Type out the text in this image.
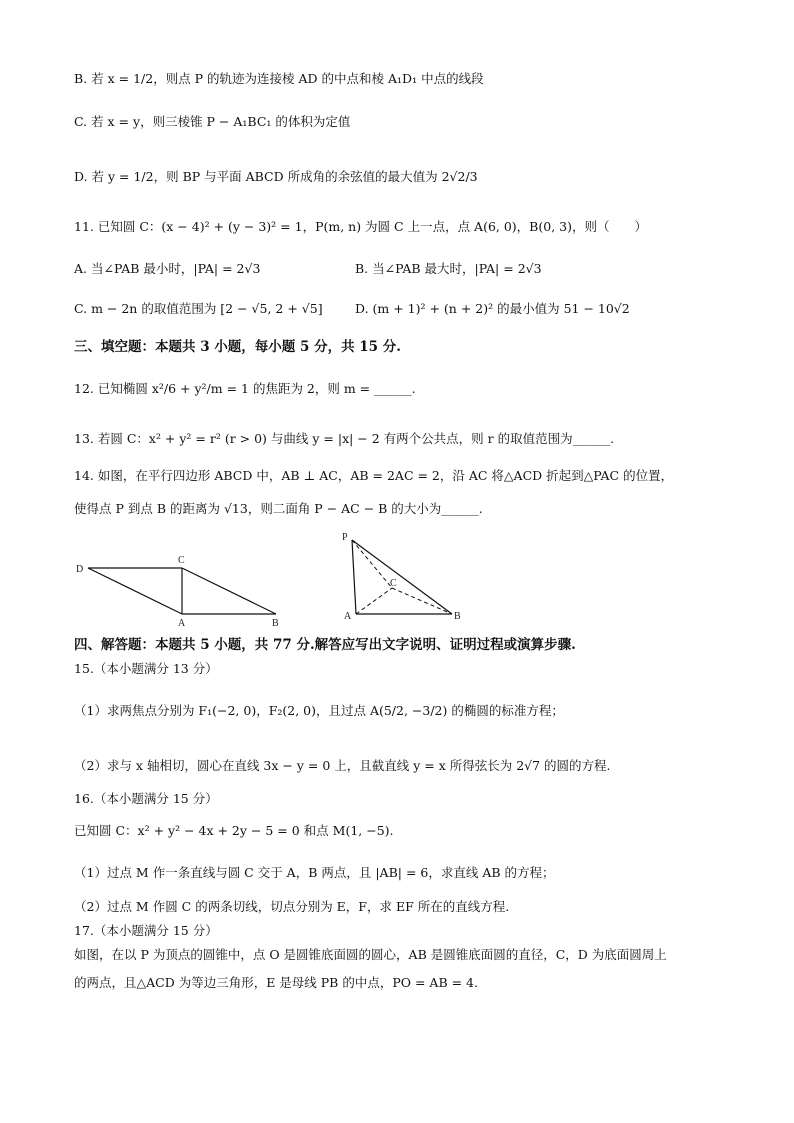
B. 若 x = 1/2，则点 P 的轨迹为连接棱 AD 的中点和棱 A₁D₁ 中点的线段
C. 若 x = y，则三棱锥 P − A₁BC₁ 的体积为定值
D. 若 y = 1/2，则 BP 与平面 ABCD 所成角的余弦值的最大值为 2√2/3
11. 已知圆 C：(x − 4)² + (y − 3)² = 1，P(m, n) 为圆 C 上一点，点 A(6, 0)，B(0, 3)，则（　　）
A. 当∠PAB 最小时，|PA| = 2√3	B. 当∠PAB 最大时，|PA| = 2√3
C. m − 2n 的取值范围为 [2 − √5, 2 + √5]	D. (m + 1)² + (n + 2)² 的最小值为 51 − 10√2
三、填空题：本题共 3 小题，每小题 5 分，共 15 分.
12. 已知椭圆 x²/6 + y²/m = 1 的焦距为 2，则 m = ______.
13. 若圆 C：x² + y² = r² (r > 0) 与曲线 y = |x| − 2 有两个公共点，则 r 的取值范围为______.
14. 如图，在平行四边形 ABCD 中，AB ⊥ AC，AB = 2AC = 2，沿 AC 将△ACD 折起到△PAC 的位置，
使得点 P 到点 B 的距离为 √13，则二面角 P − AC − B 的大小为______.
D
C
A	B
P
C
A	B
四、解答题：本题共 5 小题，共 77 分.解答应写出文字说明、证明过程或演算步骤.
15.（本小题满分 13 分）
（1）求两焦点分别为 F₁(−2, 0)，F₂(2, 0)，且过点 A(5/2, −3/2) 的椭圆的标准方程；
（2）求与 x 轴相切，圆心在直线 3x − y = 0 上，且截直线 y = x 所得弦长为 2√7 的圆的方程.
16.（本小题满分 15 分）
已知圆 C：x² + y² − 4x + 2y − 5 = 0 和点 M(1, −5).
（1）过点 M 作一条直线与圆 C 交于 A，B 两点，且 |AB| = 6，求直线 AB 的方程；
（2）过点 M 作圆 C 的两条切线，切点分别为 E，F，求 EF 所在的直线方程.
17.（本小题满分 15 分）
如图，在以 P 为顶点的圆锥中，点 O 是圆锥底面圆的圆心，AB 是圆锥底面圆的直径，C，D 为底面圆周上
的两点，且△ACD 为等边三角形，E 是母线 PB 的中点，PO = AB = 4.
